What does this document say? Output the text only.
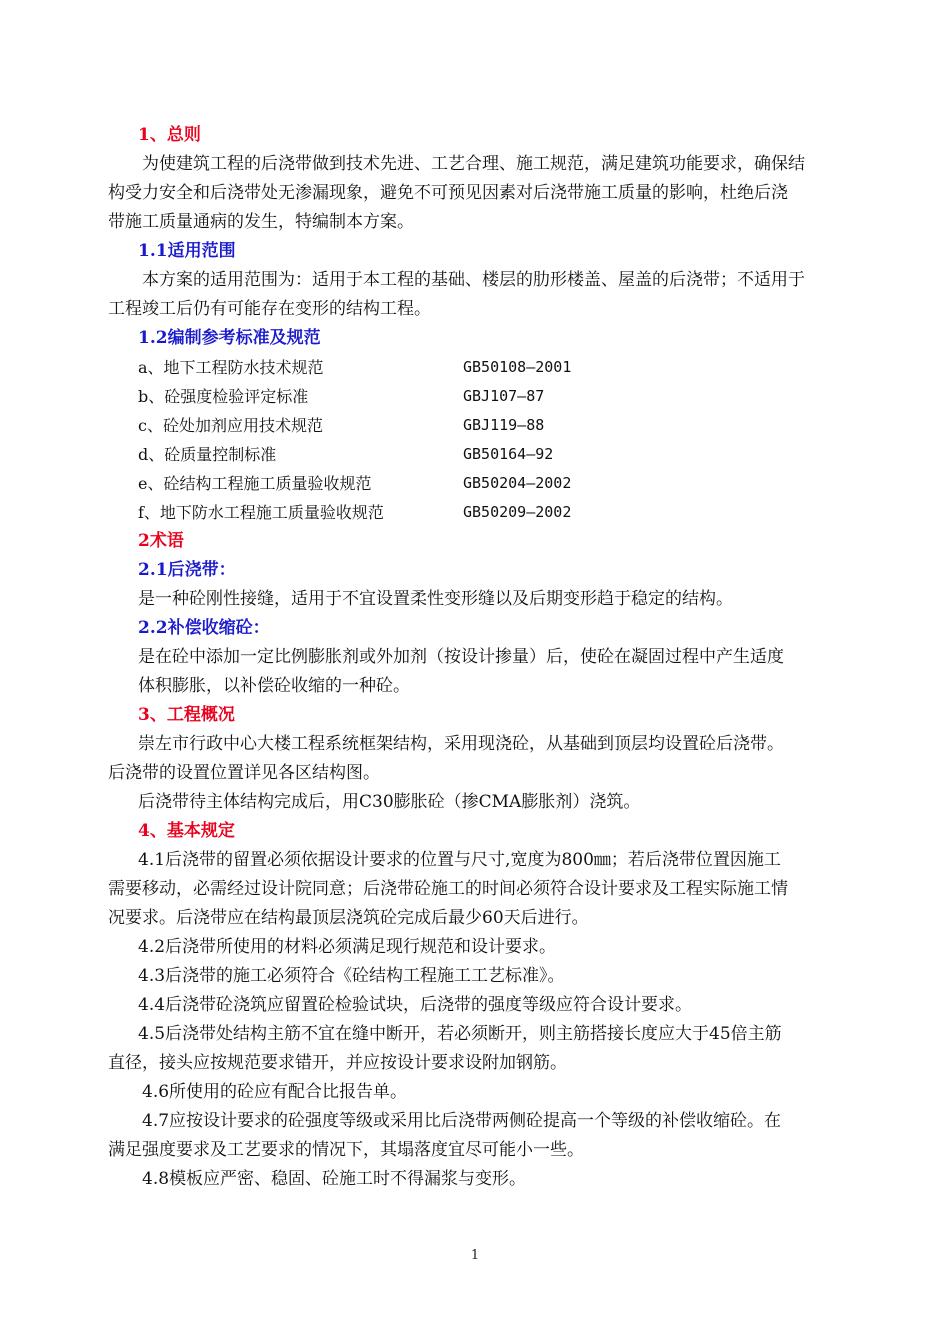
1、总则
为使建筑工程的后浇带做到技术先进、工艺合理、施工规范，满足建筑功能要求，确保结
构受力安全和后浇带处无渗漏现象，避免不可预见因素对后浇带施工质量的影响，杜绝后浇
带施工质量通病的发生，特编制本方案。
1.1适用范围
本方案的适用范围为：适用于本工程的基础、楼层的肋形楼盖、屋盖的后浇带；不适用于
工程竣工后仍有可能存在变形的结构工程。
1.2编制参考标准及规范
a、地下工程防水技术规范	GB50108—2001
b、砼强度检验评定标准	GBJ107—87
c、砼处加剂应用技术规范	GBJ119—88
d、砼质量控制标准	GB50164—92
e、砼结构工程施工质量验收规范	GB50204—2002
f、地下防水工程施工质量验收规范	GB50209—2002
2术语
2.1后浇带：
是一种砼刚性接缝，适用于不宜设置柔性变形缝以及后期变形趋于稳定的结构。
2.2补偿收缩砼：
是在砼中添加一定比例膨胀剂或外加剂（按设计掺量）后，使砼在凝固过程中产生适度
体积膨胀，以补偿砼收缩的一种砼。
3、工程概况
崇左市行政中心大楼工程系统框架结构，采用现浇砼，从基础到顶层均设置砼后浇带。
后浇带的设置位置详见各区结构图。
后浇带待主体结构完成后，用C30膨胀砼（掺CMA膨胀剂）浇筑。
4、基本规定
4.1后浇带的留置必须依据设计要求的位置与尺寸,宽度为800㎜；若后浇带位置因施工
需要移动，必需经过设计院同意；后浇带砼施工的时间必须符合设计要求及工程实际施工情
况要求。后浇带应在结构最顶层浇筑砼完成后最少60天后进行。
4.2后浇带所使用的材料必须满足现行规范和设计要求。
4.3后浇带的施工必须符合《砼结构工程施工工艺标准》。
4.4后浇带砼浇筑应留置砼检验试块，后浇带的强度等级应符合设计要求。
4.5后浇带处结构主筋不宜在缝中断开，若必须断开，则主筋搭接长度应大于45倍主筋
直径，接头应按规范要求错开，并应按设计要求设附加钢筋。
4.6所使用的砼应有配合比报告单。
4.7应按设计要求的砼强度等级或采用比后浇带两侧砼提高一个等级的补偿收缩砼。在
满足强度要求及工艺要求的情况下，其塌落度宜尽可能小一些。
4.8模板应严密、稳固、砼施工时不得漏浆与变形。
1
